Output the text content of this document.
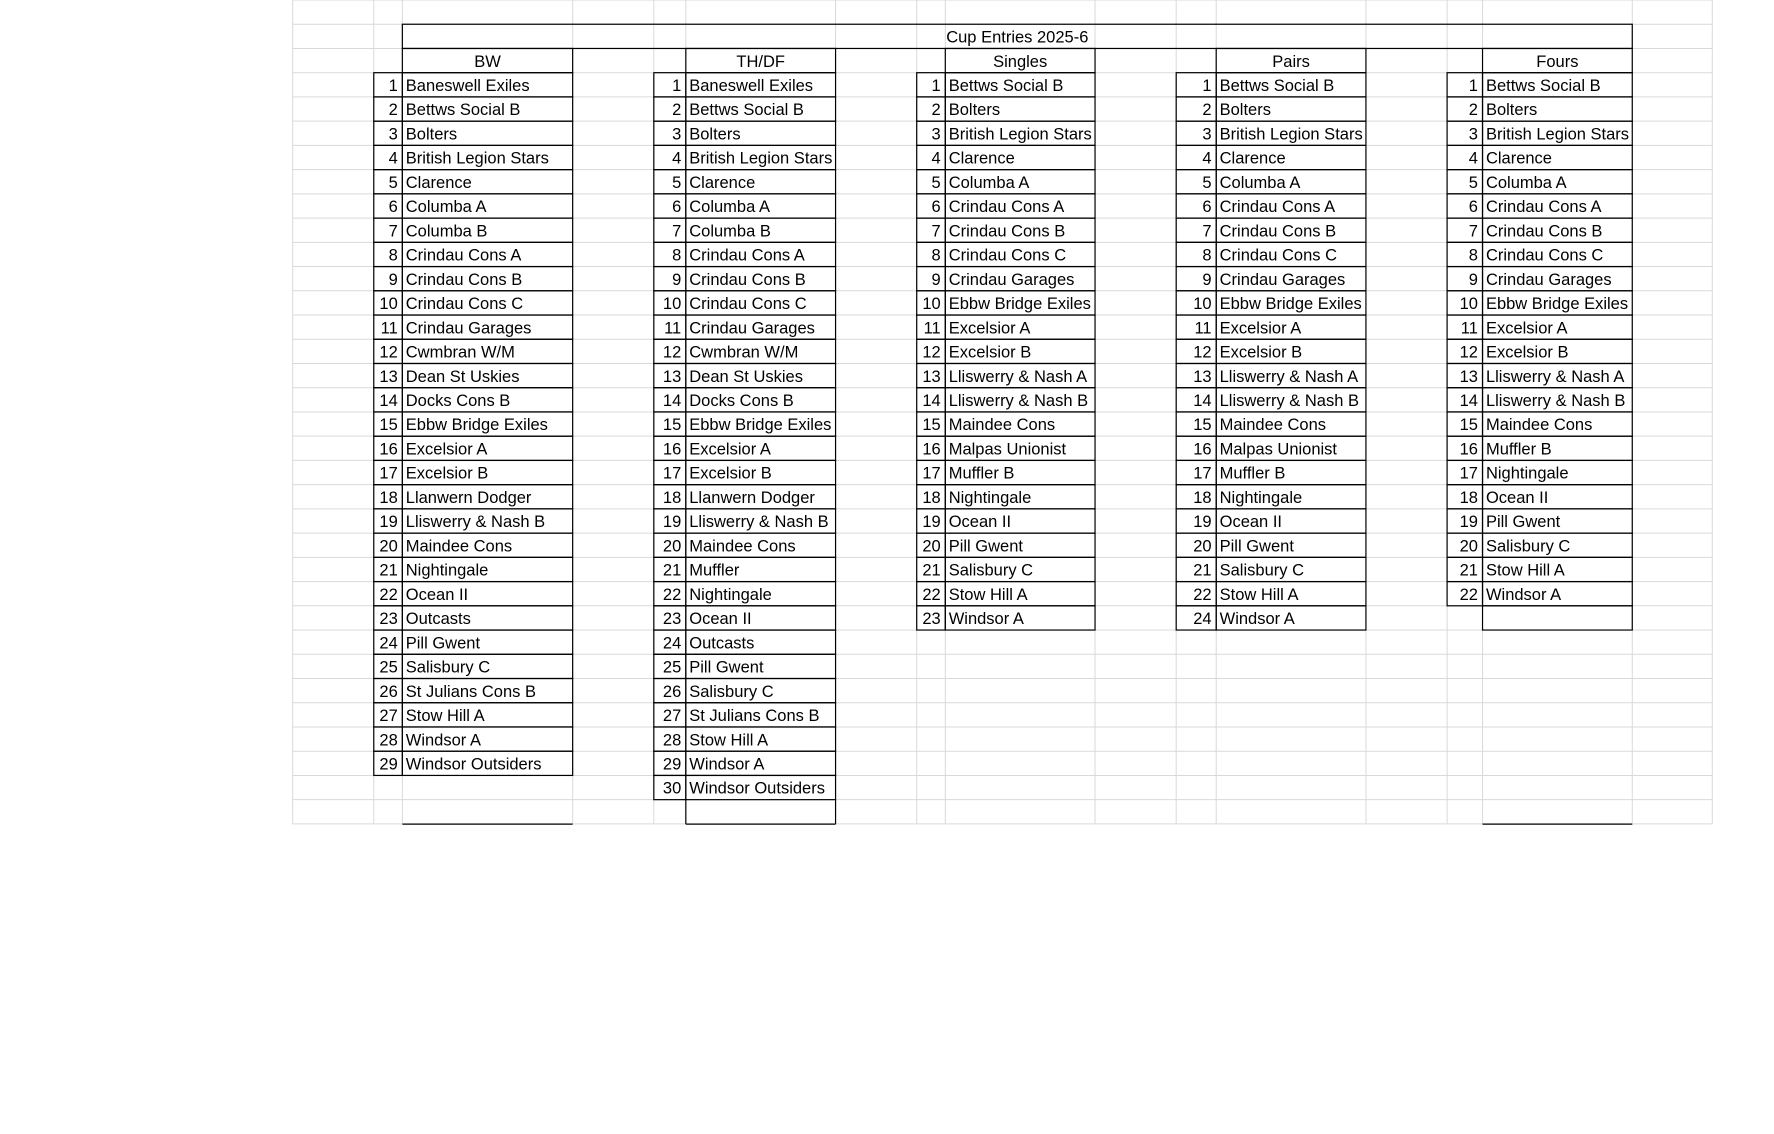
Cup Entries 2025-6
BW
1 Baneswell Exiles
2 Bettws Social B
3 Bolters
4 British Legion Stars
5 Clarence
6 Columba A
7 Columba B
8 Crindau Cons A
9 Crindau Cons B
10 Crindau Cons C
11 Crindau Garages
12 Cwmbran W/M
13 Dean St Uskies
14 Docks Cons B
15 Ebbw Bridge Exiles
16 Excelsior A
17 Excelsior B
18 Llanwern Dodger
19 Lliswerry & Nash B
20 Maindee Cons
21 Nightingale
22 Ocean II
23 Outcasts
24 Pill Gwent
25 Salisbury C
26 St Julians Cons B
27 Stow Hill A
28 Windsor A
29 Windsor Outsiders
TH/DF
1 Baneswell Exiles
2 Bettws Social B
3 Bolters
4 British Legion Stars
5 Clarence
6 Columba A
7 Columba B
8 Crindau Cons A
9 Crindau Cons B
10 Crindau Cons C
11 Crindau Garages
12 Cwmbran W/M
13 Dean St Uskies
14 Docks Cons B
15 Ebbw Bridge Exiles
16 Excelsior A
17 Excelsior B
18 Llanwern Dodger
19 Lliswerry & Nash B
20 Maindee Cons
21 Muffler
22 Nightingale
23 Ocean II
24 Outcasts
25 Pill Gwent
26 Salisbury C
27 St Julians Cons B
28 Stow Hill A
29 Windsor A
30 Windsor Outsiders
Singles
1 Bettws Social B
2 Bolters
3 British Legion Stars
4 Clarence
5 Columba A
6 Crindau Cons A
7 Crindau Cons B
8 Crindau Cons C
9 Crindau Garages
10 Ebbw Bridge Exiles
11 Excelsior A
12 Excelsior B
13 Lliswerry & Nash A
14 Lliswerry & Nash B
15 Maindee Cons
16 Malpas Unionist
17 Muffler B
18 Nightingale
19 Ocean II
20 Pill Gwent
21 Salisbury C
22 Stow Hill A
23 Windsor A
Pairs
1 Bettws Social B
2 Bolters
3 British Legion Stars
4 Clarence
5 Columba A
6 Crindau Cons A
7 Crindau Cons B
8 Crindau Cons C
9 Crindau Garages
10 Ebbw Bridge Exiles
11 Excelsior A
12 Excelsior B
13 Lliswerry & Nash A
14 Lliswerry & Nash B
15 Maindee Cons
16 Malpas Unionist
17 Muffler B
18 Nightingale
19 Ocean II
20 Pill Gwent
21 Salisbury C
22 Stow Hill A
24 Windsor A
Fours
1 Bettws Social B
2 Bolters
3 British Legion Stars
4 Clarence
5 Columba A
6 Crindau Cons A
7 Crindau Cons B
8 Crindau Cons C
9 Crindau Garages
10 Ebbw Bridge Exiles
11 Excelsior A
12 Excelsior B
13 Lliswerry & Nash A
14 Lliswerry & Nash B
15 Maindee Cons
16 Muffler B
17 Nightingale
18 Ocean II
19 Pill Gwent
20 Salisbury C
21 Stow Hill A
22 Windsor A
